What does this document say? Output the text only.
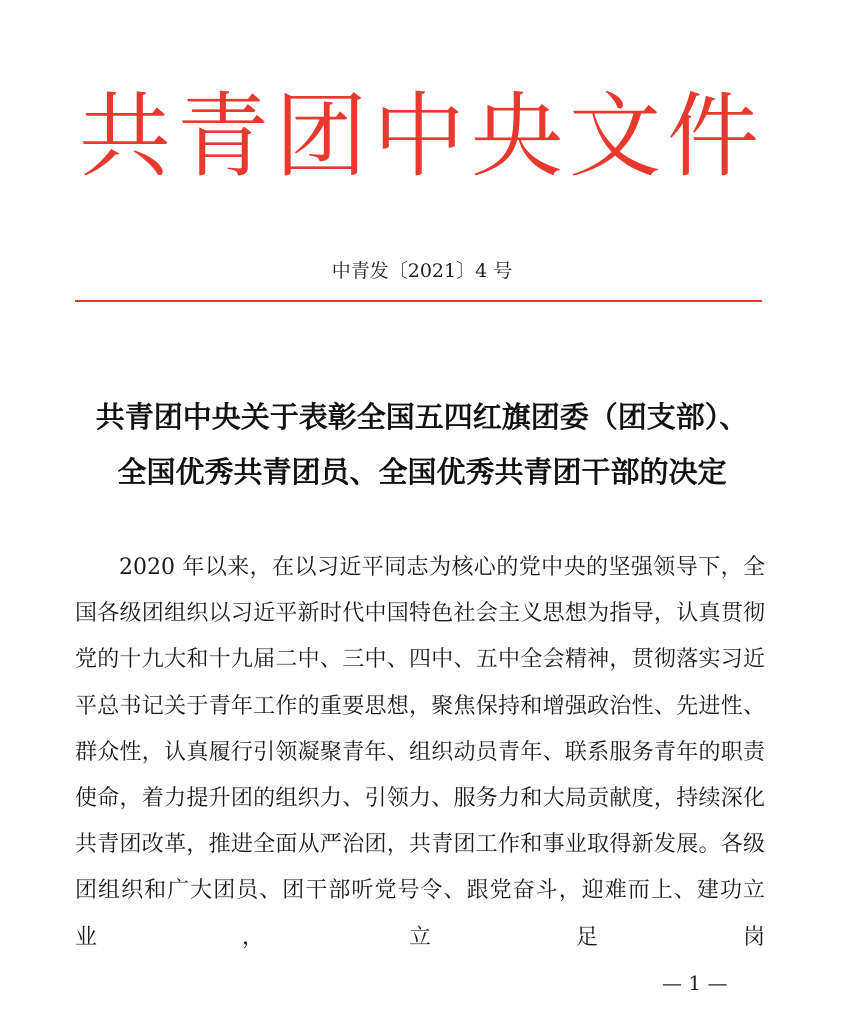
共青团中央文件
中青发〔2021〕4 号
共青团中央关于表彰全国五四红旗团委（团支部）、
全国优秀共青团员、全国优秀共青团干部的决定

2020 年以来，在以习近平同志为核心的党中央的坚强领导下，全国各级团组织以习近平新时代中国特色社会主义思想为指导，认真贯彻党的十九大和十九届二中、三中、四中、五中全会精神，贯彻落实习近平总书记关于青年工作的重要思想，聚焦保持和增强政治性、先进性、群众性，认真履行引领凝聚青年、组织动员青年、联系服务青年的职责使命，着力提升团的组织力、引领力、服务力和大局贡献度，持续深化共青团改革，推进全面从严治团，共青团工作和事业取得新发展。各级团组织和广大团员、团干部听党号令、跟党奋斗，迎难而上、建功立业，立足岗

— 1 —
